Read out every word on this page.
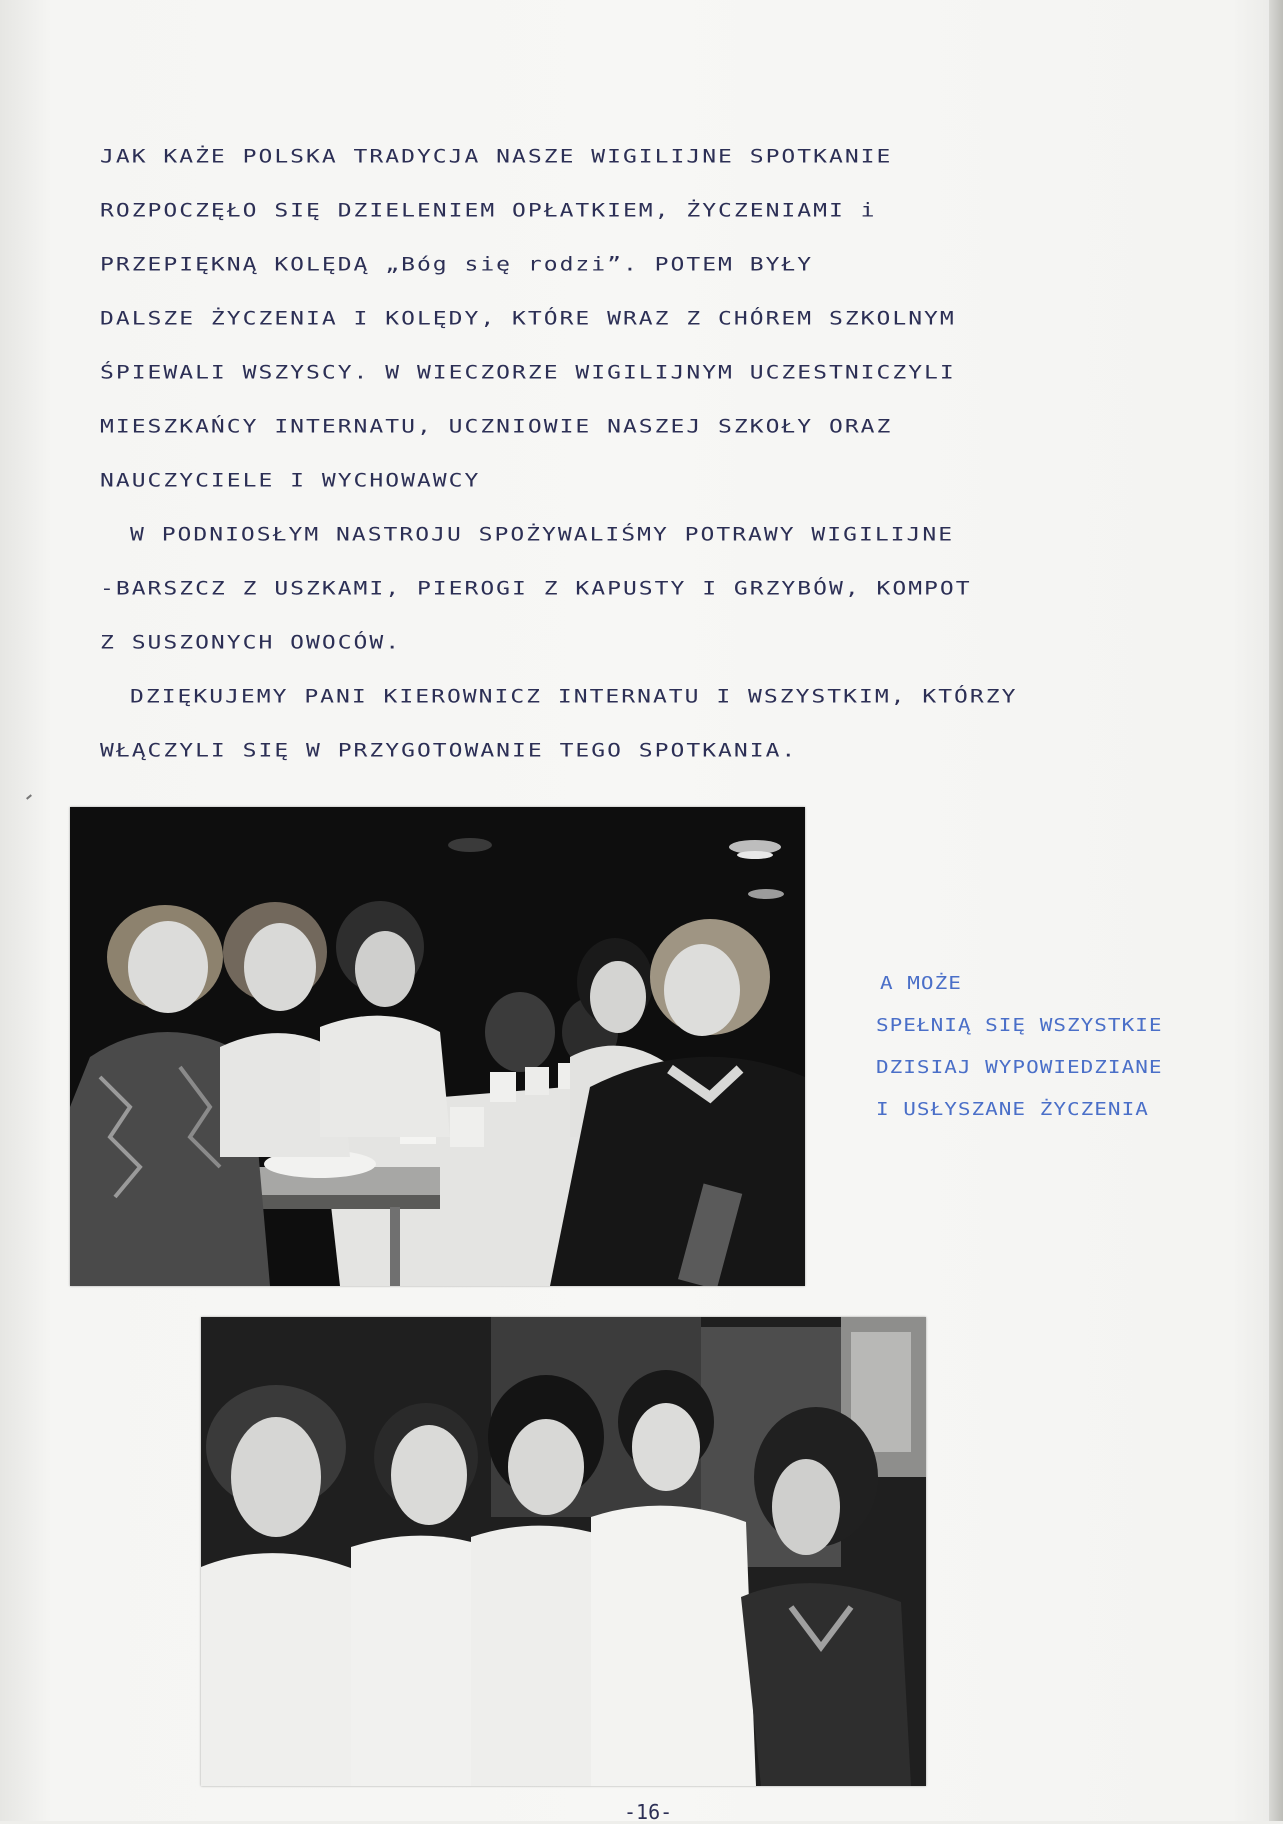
JAK KAŻE POLSKA TRADYCJA NASZE WIGILIJNE SPOTKANIE
ROZPOCZĘŁO SIĘ DZIELENIEM OPŁATKIEM, ŻYCZENIAMI i
PRZEPIĘKNĄ KOLĘDĄ „Bóg się rodzi”. POTEM BYŁY
DALSZE ŻYCZENIA I KOLĘDY, KTÓRE WRAZ Z CHÓREM SZKOLNYM
ŚPIEWALI WSZYSCY. W WIECZORZE WIGILIJNYM UCZESTNICZYLI
MIESZKAŃCY INTERNATU, UCZNIOWIE NASZEJ SZKOŁY ORAZ
NAUCZYCIELE I WYCHOWAWCY
W PODNIOSŁYM NASTROJU SPOŻYWALIŚMY POTRAWY WIGILIJNE
-BARSZCZ Z USZKAMI, PIEROGI Z KAPUSTY I GRZYBÓW, KOMPOT
Z SUSZONYCH OWOCÓW.
DZIĘKUJEMY PANI KIEROWNICZ INTERNATU I WSZYSTKIM, KTÓRZY
WŁĄCZYLI SIĘ W PRZYGOTOWANIE TEGO SPOTKANIA.
A MOŻE
SPEŁNIĄ SIĘ WSZYSTKIE
DZISIAJ WYPOWIEDZIANE
I USŁYSZANE ŻYCZENIA
-16-
